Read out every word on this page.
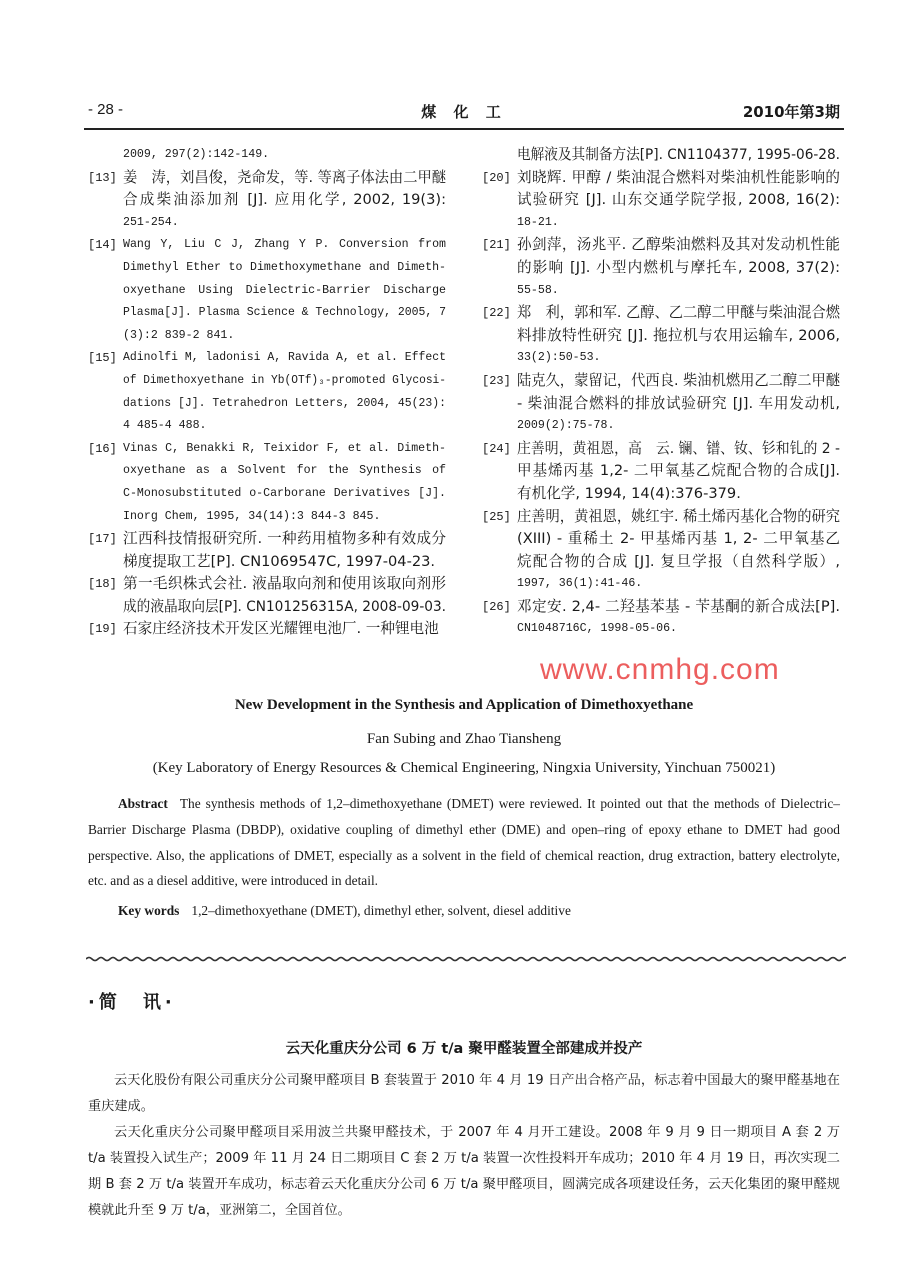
- 28 -	煤 化 工	2010年第3期
2009, 297(2):142-149.
[13] 姜　涛，刘昌俊，尧命发，等. 等离子体法由二甲醚
合成柴油添加剂 [J]. 应用化学, 2002, 19(3):
251-254.
[14] Wang Y, Liu C J, Zhang Y P. Conversion from
Dimethyl Ether to Dimethoxymethane and Dimeth-
oxyethane Using Dielectric-Barrier Discharge
Plasma[J]. Plasma Science & Technology, 2005, 7
(3):2 839-2 841.
[15] Adinolfi M, ladonisi A, Ravida A, et al. Effect
of Dimethoxyethane in Yb(OTf)₃-promoted Glycosi-
dations [J]. Tetrahedron Letters, 2004, 45(23):
4 485-4 488.
[16] Vinas C, Benakki R, Teixidor F, et al. Dimeth-
oxyethane as a Solvent for the Synthesis of
C-Monosubstituted o-Carborane Derivatives [J].
Inorg Chem, 1995, 34(14):3 844-3 845.
[17] 江西科技情报研究所. 一种药用植物多种有效成分
梯度提取工艺[P]. CN1069547C, 1997-04-23.
[18] 第一毛织株式会社. 液晶取向剂和使用该取向剂形
成的液晶取向层[P]. CN101256315A, 2008-09-03.
[19] 石家庄经济技术开发区光耀锂电池厂. 一种锂电池
电解液及其制备方法[P]. CN1104377, 1995-06-28.
[20] 刘晓辉. 甲醇 / 柴油混合燃料对柴油机性能影响的
试验研究 [J]. 山东交通学院学报, 2008, 16(2):
18-21.
[21] 孙剑萍，汤兆平. 乙醇柴油燃料及其对发动机性能
的影响 [J]. 小型内燃机与摩托车, 2008, 37(2):
55-58.
[22] 郑　利，郭和军. 乙醇、乙二醇二甲醚与柴油混合燃
料排放特性研究 [J]. 拖拉机与农用运输车, 2006,
33(2):50-53.
[23] 陆克久，蒙留记，代西良. 柴油机燃用乙二醇二甲醚
- 柴油混合燃料的排放试验研究 [J]. 车用发动机,
2009(2):75-78.
[24] 庄善明，黄祖恩，高　云. 镧、镨、钕、钐和钆的 2 -
甲基烯丙基 1,2- 二甲氧基乙烷配合物的合成[J].
有机化学, 1994, 14(4):376-379.
[25] 庄善明，黄祖恩，姚红宇. 稀土烯丙基化合物的研究
(XIII) - 重稀土 2- 甲基烯丙基 1, 2- 二甲氧基乙
烷配合物的合成 [J]. 复旦学报（自然科学版）,
1997, 36(1):41-46.
[26] 邓定安. 2,4- 二羟基苯基 - 苄基酮的新合成法[P].
CN1048716C, 1998-05-06.
www.cnmhg.com
New Development in the Synthesis and Application of Dimethoxyethane
Fan Subing and Zhao Tiansheng
(Key Laboratory of Energy Resources & Chemical Engineering, Ningxia University, Yinchuan 750021)
Abstract The synthesis methods of 1,2–dimethoxyethane (DMET) were reviewed. It pointed out that the methods of Dielectric–Barrier Discharge Plasma (DBDP), oxidative coupling of dimethyl ether (DME) and open–ring of epoxy ethane to DMET had good perspective. Also, the applications of DMET, especially as a solvent in the field of chemical reaction, drug extraction, battery electrolyte, etc. and as a diesel additive, were introduced in detail.
Key words 1,2–dimethoxyethane (DMET), dimethyl ether, solvent, diesel additive
·简　讯·
云天化重庆分公司 6 万 t/a 聚甲醛装置全部建成并投产
云天化股份有限公司重庆分公司聚甲醛项目 B 套装置于 2010 年 4 月 19 日产出合格产品，标志着中国最大的聚甲醛基地在重庆建成。
云天化重庆分公司聚甲醛项目采用波兰共聚甲醛技术，于 2007 年 4 月开工建设。2008 年 9 月 9 日一期项目 A 套 2 万 t/a 装置投入试生产；2009 年 11 月 24 日二期项目 C 套 2 万 t/a 装置一次性投料开车成功；2010 年 4 月 19 日，再次实现二期 B 套 2 万 t/a 装置开车成功，标志着云天化重庆分公司 6 万 t/a 聚甲醛项目，圆满完成各项建设任务，云天化集团的聚甲醛规模就此升至 9 万 t/a，亚洲第二，全国首位。
